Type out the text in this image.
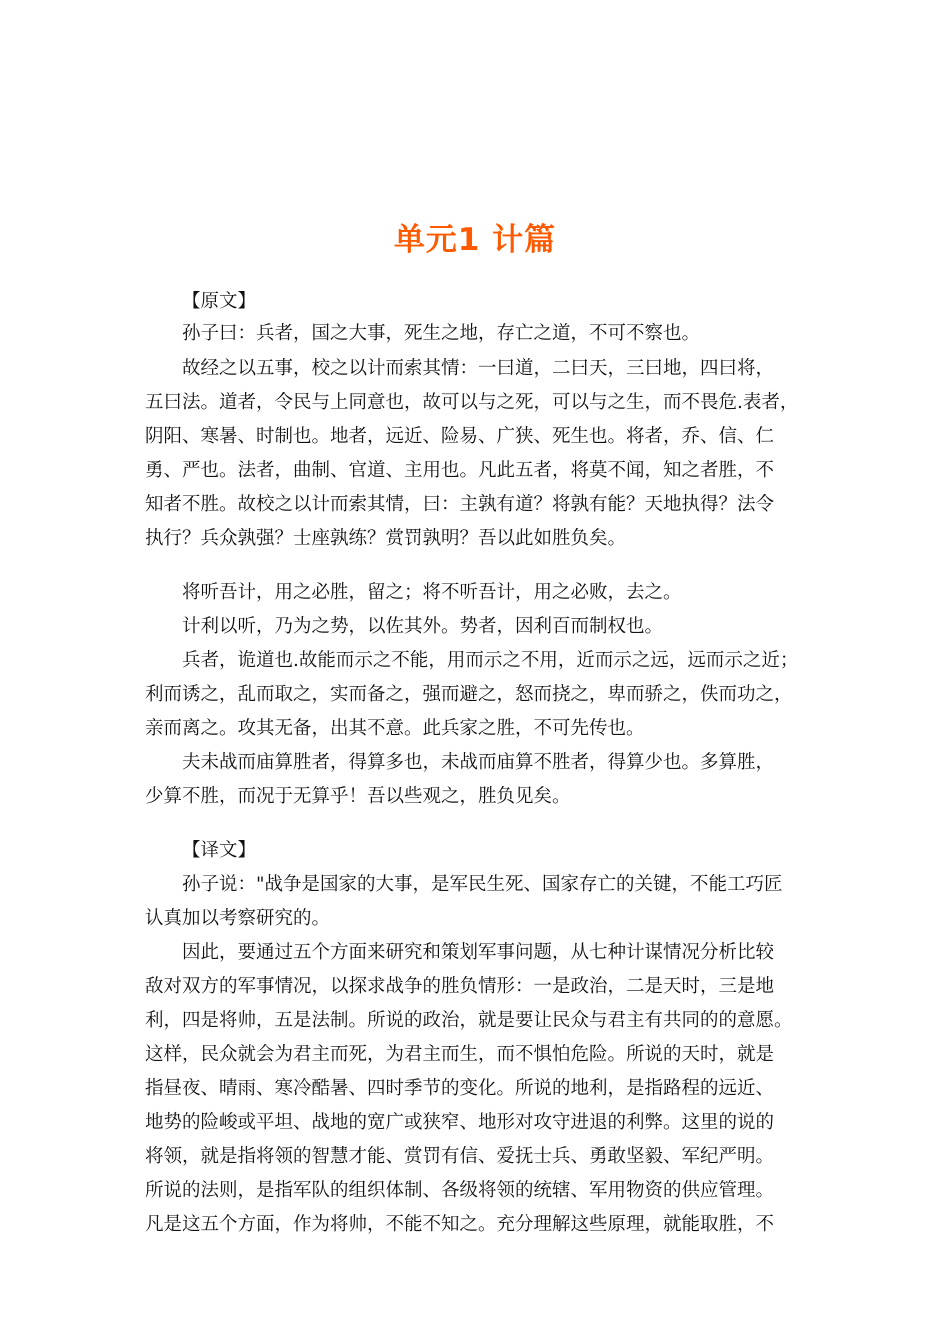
单元1 计篇
【原文】
孙子曰：兵者，国之大事，死生之地，存亡之道，不可不察也。
故经之以五事，校之以计而索其情：一曰道，二曰天，三曰地，四曰将，
五曰法。道者，令民与上同意也，故可以与之死，可以与之生，而不畏危.表者，
阴阳、寒暑、时制也。地者，远近、险易、广狭、死生也。将者，乔、信、仁
勇、严也。法者，曲制、官道、主用也。凡此五者，将莫不闻，知之者胜，不
知者不胜。故校之以计而索其情，曰：主孰有道？将孰有能？天地执得？法令
执行？兵众孰强？士座孰练？赏罚孰明？吾以此如胜负矣。
将听吾计，用之必胜，留之；将不听吾计，用之必败，去之。
计利以听，乃为之势，以佐其外。势者，因利百而制权也。
兵者，诡道也.故能而示之不能，用而示之不用，近而示之远，远而示之近；
利而诱之，乱而取之，实而备之，强而避之，怒而挠之，卑而骄之，佚而功之，
亲而离之。攻其无备，出其不意。此兵家之胜，不可先传也。
夫未战而庙算胜者，得算多也，未战而庙算不胜者，得算少也。多算胜，
少算不胜，而况于无算乎！吾以些观之，胜负见矣。
【译文】
孙子说："战争是国家的大事，是军民生死、国家存亡的关键，不能工巧匠
认真加以考察研究的。
因此，要通过五个方面来研究和策划军事问题，从七种计谋情况分析比较
敌对双方的军事情况，以探求战争的胜负情形：一是政治，二是天时，三是地
利，四是将帅，五是法制。所说的政治，就是要让民众与君主有共同的的意愿。
这样，民众就会为君主而死，为君主而生，而不惧怕危险。所说的天时，就是
指昼夜、晴雨、寒冷酷暑、四时季节的变化。所说的地利，是指路程的远近、
地势的险峻或平坦、战地的宽广或狭窄、地形对攻守进退的利弊。这里的说的
将领，就是指将领的智慧才能、赏罚有信、爱抚士兵、勇敢坚毅、军纪严明。
所说的法则，是指军队的组织体制、各级将领的统辖、军用物资的供应管理。
凡是这五个方面，作为将帅，不能不知之。充分理解这些原理，就能取胜，不
